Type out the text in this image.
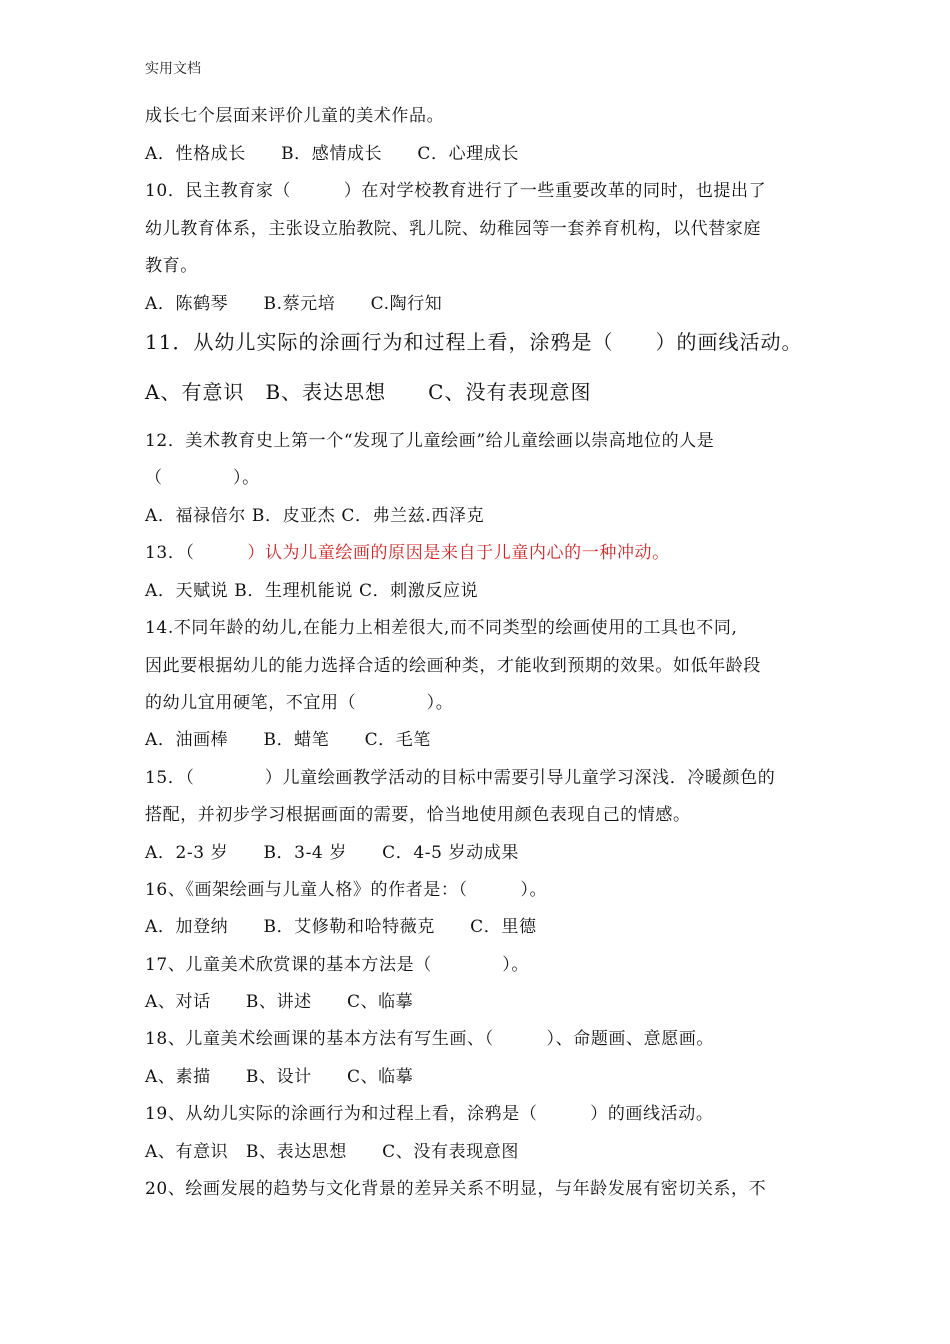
实用文档
成长七个层面来评价儿童的美术作品。
A．性格成长　　B．感情成长　　C．心理成长
10．民主教育家（　　　）在对学校教育进行了一些重要改革的同时，也提出了
幼儿教育体系，主张设立胎教院、乳儿院、幼稚园等一套养育机构，以代替家庭
教育。
A．陈鹤琴　　B.蔡元培　　C.陶行知
11．从幼儿实际的涂画行为和过程上看，涂鸦是（　　）的画线活动。
A、有意识　B、表达思想　　C、没有表现意图
12．美术教育史上第一个“发现了儿童绘画”给儿童绘画以崇高地位的人是
（　　　　）。
A．福禄倍尔 B．皮亚杰 C．弗兰兹.西泽克
13．（　　　）认为儿童绘画的原因是来自于儿童内心的一种冲动。
A．天赋说 B．生理机能说 C．刺激反应说
14.不同年龄的幼儿,在能力上相差很大,而不同类型的绘画使用的工具也不同,
因此要根据幼儿的能力选择合适的绘画种类，才能收到预期的效果。如低年龄段
的幼儿宜用硬笔，不宜用（　　　　）。
A．油画棒　　B．蜡笔　　C．毛笔
15．（　　　　）儿童绘画教学活动的目标中需要引导儿童学习深浅．冷暖颜色的
搭配，并初步学习根据画面的需要，恰当地使用颜色表现自己的情感。
A．2-3 岁　　B．3-4 岁　　C．4-5 岁动成果
16、《画架绘画与儿童人格》的作者是：（　　　）。
A．加登纳　　B．艾修勒和哈特薇克　　C．里德
17、儿童美术欣赏课的基本方法是（　　　　）。
A、对话　　B、讲述　　C、临摹
18、儿童美术绘画课的基本方法有写生画、（　　　）、命题画、意愿画。
A、素描　　B、设计　　C、临摹
19、从幼儿实际的涂画行为和过程上看，涂鸦是（　　　）的画线活动。
A、有意识　B、表达思想　　C、没有表现意图
20、绘画发展的趋势与文化背景的差异关系不明显，与年龄发展有密切关系，不
